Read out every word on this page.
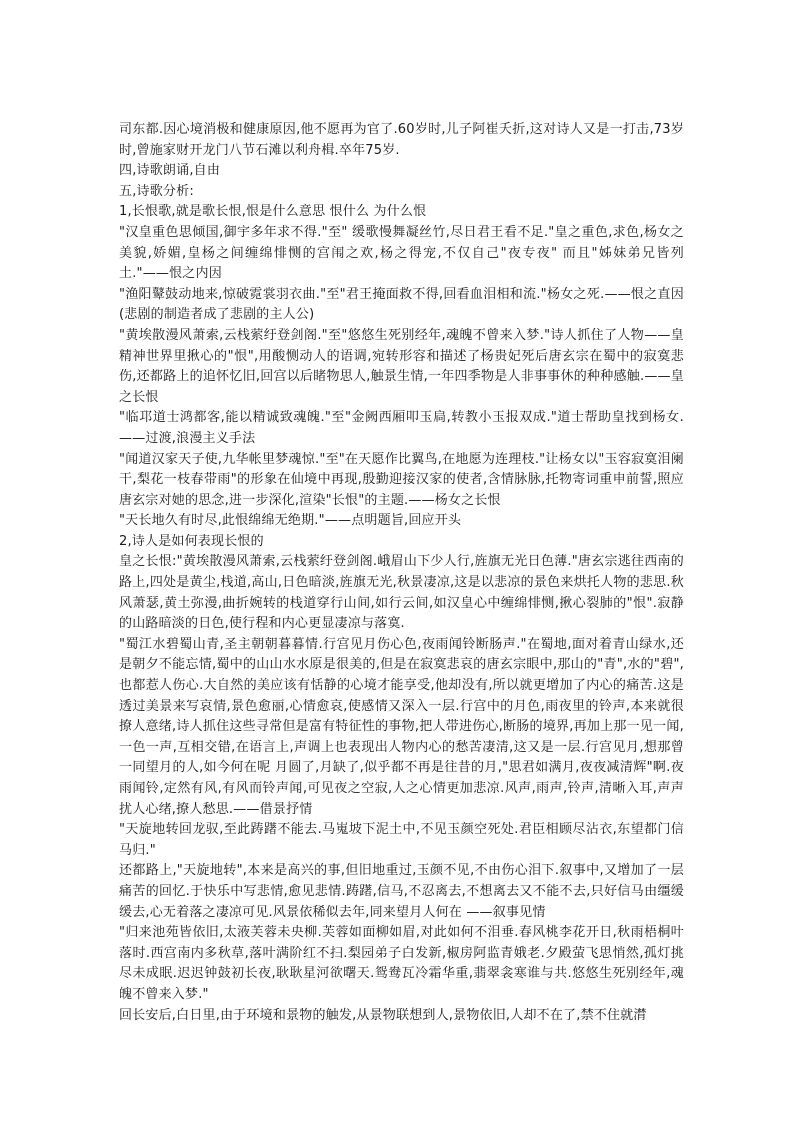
司东都.因心境消极和健康原因,他不愿再为官了.60岁时,儿子阿崔夭折,这对诗人又是一打击,73岁时,曾施家财开龙门八节石滩以利舟楫.卒年75岁.

四,诗歌朗诵,自由

五,诗歌分析:

1,长恨歌,就是歌长恨,恨是什么意思 恨什么 为什么恨

"汉皇重色思倾国,御宇多年求不得."至" 缓歌慢舞凝丝竹,尽日君王看不足."皇之重色,求色,杨女之美貌,娇媚,皇杨之间缠绵悱恻的宫闱之欢,杨之得宠,不仅自己"夜专夜" 而且"姊妹弟兄皆列土."——恨之内因

"渔阳鼙鼓动地来,惊破霓裳羽衣曲."至"君王掩面救不得,回看血泪相和流."杨女之死.——恨之直因(悲剧的制造者成了悲剧的主人公)

"黄埃散漫风萧索,云栈萦纡登剑阁."至"悠悠生死别经年,魂魄不曾来入梦."诗人抓住了人物——皇精神世界里揪心的"恨",用酸恻动人的语调,宛转形容和描述了杨贵妃死后唐玄宗在蜀中的寂寞悲伤,还都路上的追怀忆旧,回宫以后睹物思人,触景生情,一年四季物是人非事事休的种种感触.——皇之长恨

"临邛道士鸿都客,能以精诚致魂魄."至"金阙西厢叩玉扃,转教小玉报双成."道士帮助皇找到杨女.——过渡,浪漫主义手法

"闻道汉家天子使,九华帐里梦魂惊."至"在天愿作比翼鸟,在地愿为连理枝."让杨女以"玉容寂寞泪阑干,梨花一枝春带雨"的形象在仙境中再现,殷勤迎接汉家的使者,含情脉脉,托物寄词重申前誓,照应唐玄宗对她的思念,进一步深化,渲染"长恨"的主题.——杨女之长恨

"天长地久有时尽,此恨绵绵无绝期."——点明题旨,回应开头

2,诗人是如何表现长恨的

皇之长恨:"黄埃散漫风萧索,云栈萦纡登剑阁.峨眉山下少人行,旌旗无光日色薄."唐玄宗逃往西南的路上,四处是黄尘,栈道,高山,日色暗淡,旌旗无光,秋景凄凉,这是以悲凉的景色来烘托人物的悲思.秋风萧瑟,黄土弥漫,曲折婉转的栈道穿行山间,如行云间,如汉皇心中缠绵悱恻,揪心裂肺的"恨".寂静的山路暗淡的日色,使行程和内心更显凄凉与落寞.

"蜀江水碧蜀山青,圣主朝朝暮暮情.行宫见月伤心色,夜雨闻铃断肠声."在蜀地,面对着青山绿水,还是朝夕不能忘情,蜀中的山山水水原是很美的,但是在寂寞悲哀的唐玄宗眼中,那山的"青",水的"碧",也都惹人伤心.大自然的美应该有恬静的心境才能享受,他却没有,所以就更增加了内心的痛苦.这是透过美景来写哀情,景色愈丽,心情愈哀,使感情又深入一层.行宫中的月色,雨夜里的铃声,本来就很撩人意绪,诗人抓住这些寻常但是富有特征性的事物,把人带进伤心,断肠的境界,再加上那一见一闻,一色一声,互相交错,在语言上,声调上也表现出人物内心的愁苦凄清,这又是一层.行宫见月,想那曾一同望月的人,如今何在呢 月圆了,月缺了,似乎都不再是往昔的月,"思君如满月,夜夜减清辉"啊.夜雨闻铃,定然有风,有风而铃声闻,可见夜之空寂,人之心情更加悲凉.风声,雨声,铃声,清晰入耳,声声扰人心绪,撩人愁思.——借景抒情

"天旋地转回龙驭,至此踌躇不能去.马嵬坡下泥土中,不见玉颜空死处.君臣相顾尽沾衣,东望都门信马归."

还都路上,"天旋地转",本来是高兴的事,但旧地重过,玉颜不见,不由伤心泪下.叙事中,又增加了一层痛苦的回忆.于快乐中写悲情,愈见悲情.踌躇,信马,不忍离去,不想离去又不能不去,只好信马由缰缓缓去,心无着落之凄凉可见.风景依稀似去年,同来望月人何在 ——叙事见情

"归来池苑皆依旧,太液芙蓉未央柳.芙蓉如面柳如眉,对此如何不泪垂.春风桃李花开日,秋雨梧桐叶落时.西宫南内多秋草,落叶满阶红不扫.梨园弟子白发新,椒房阿监青娥老.夕殿萤飞思悄然,孤灯挑尽未成眠.迟迟钟鼓初长夜,耿耿星河欲曙天.鸳鸯瓦冷霜华重,翡翠衾寒谁与共.悠悠生死别经年,魂魄不曾来入梦."

回长安后,白日里,由于环境和景物的触发,从景物联想到人,景物依旧,人却不在了,禁不住就潸
